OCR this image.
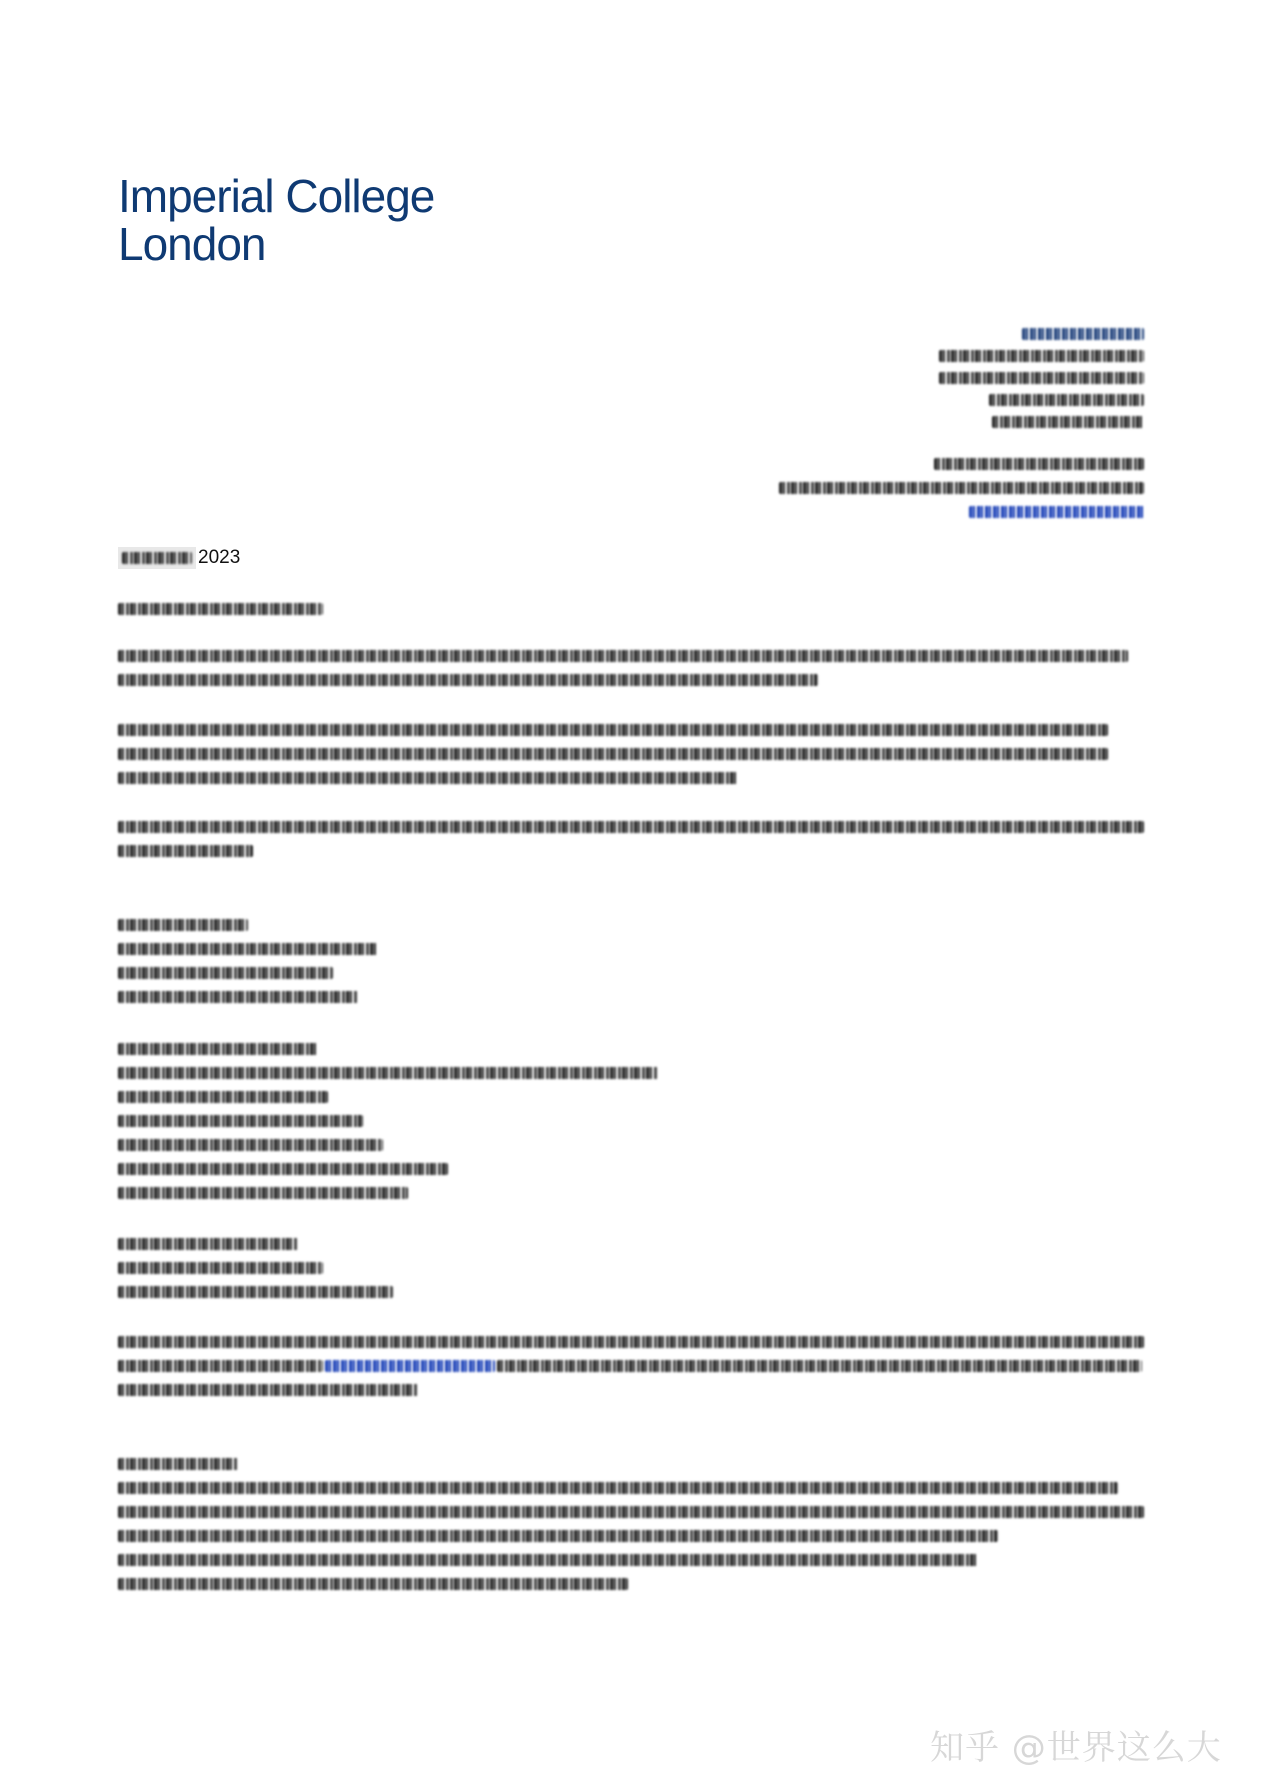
Imperial College
London
2023
知乎 @世界这么大
